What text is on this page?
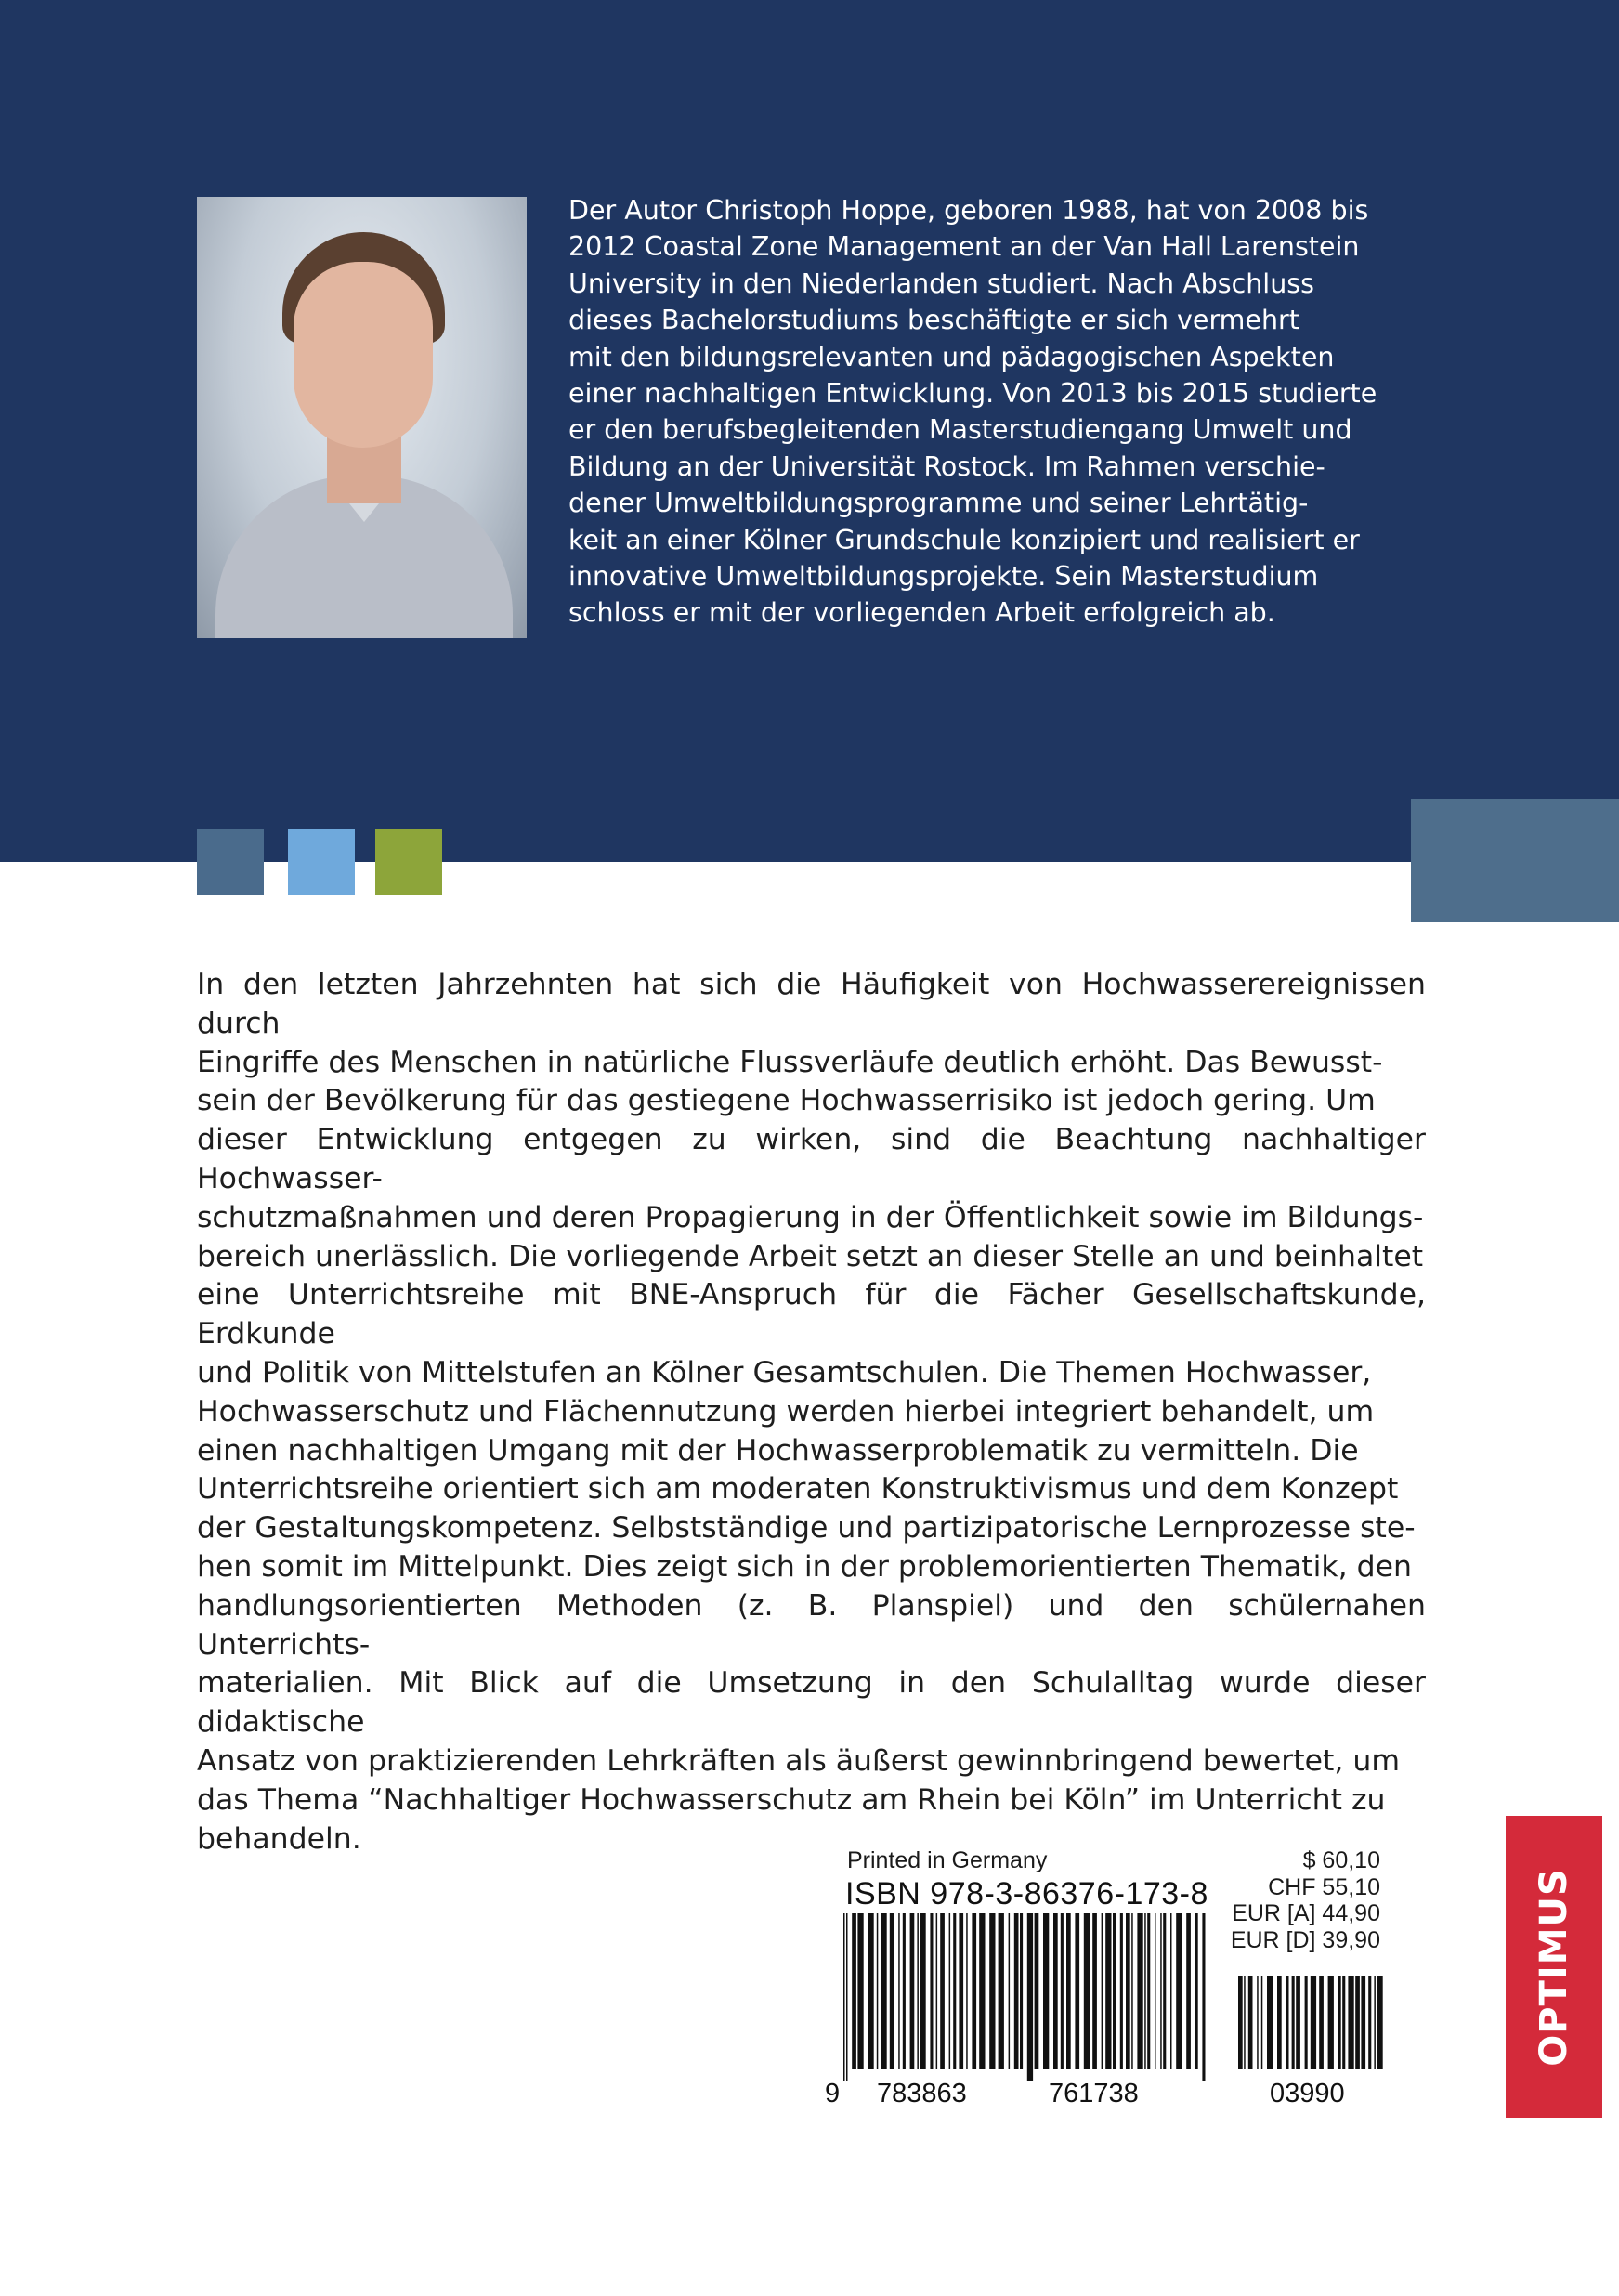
Der Autor Christoph Hoppe, geboren 1988, hat von 2008 bis
2012 Coastal Zone Management an der Van Hall Larenstein
University in den Niederlanden studiert. Nach Abschluss
dieses Bachelorstudiums beschäftigte er sich vermehrt
mit den bildungsrelevanten und pädagogischen Aspekten
einer nachhaltigen Entwicklung. Von 2013 bis 2015 studierte
er den berufsbegleitenden Masterstudiengang Umwelt und
Bildung an der Universität Rostock. Im Rahmen verschie-
dener Umweltbildungsprogramme und seiner Lehrtätig-
keit an einer Kölner Grundschule konzipiert und realisiert er
innovative Umweltbildungsprojekte. Sein Masterstudium
schloss er mit der vorliegenden Arbeit erfolgreich ab.

In den letzten Jahrzehnten hat sich die Häufigkeit von Hochwasserereignissen durch
Eingriffe des Menschen in natürliche Flussverläufe deutlich erhöht. Das Bewusst-
sein der Bevölkerung für das gestiegene Hochwasserrisiko ist jedoch gering. Um
dieser Entwicklung entgegen zu wirken, sind die Beachtung nachhaltiger Hochwasser-
schutzmaßnahmen und deren Propagierung in der Öffentlichkeit sowie im Bildungs-
bereich unerlässlich. Die vorliegende Arbeit setzt an dieser Stelle an und beinhaltet
eine Unterrichtsreihe mit BNE-Anspruch für die Fächer Gesellschaftskunde, Erdkunde
und Politik von Mittelstufen an Kölner Gesamtschulen. Die Themen Hochwasser,
Hochwasserschutz und Flächennutzung werden hierbei integriert behandelt, um
einen nachhaltigen Umgang mit der Hochwasserproblematik zu vermitteln. Die
Unterrichtsreihe orientiert sich am moderaten Konstruktivismus und dem Konzept
der Gestaltungskompetenz. Selbstständige und partizipatorische Lernprozesse ste-
hen somit im Mittelpunkt. Dies zeigt sich in der problemorientierten Thematik, den
handlungsorientierten Methoden (z. B. Planspiel) und den schülernahen Unterrichts-
materialien. Mit Blick auf die Umsetzung in den Schulalltag wurde dieser didaktische
Ansatz von praktizierenden Lehrkräften als äußerst gewinnbringend bewertet, um
das Thema “Nachhaltiger Hochwasserschutz am Rhein bei Köln” im Unterricht zu
behandeln.

Printed in Germany
ISBN 978-3-86376-173-8
$ 60,10
CHF 55,10
EUR [A] 44,90
EUR [D] 39,90
9 783863	761738	03990
OPTIMUS
